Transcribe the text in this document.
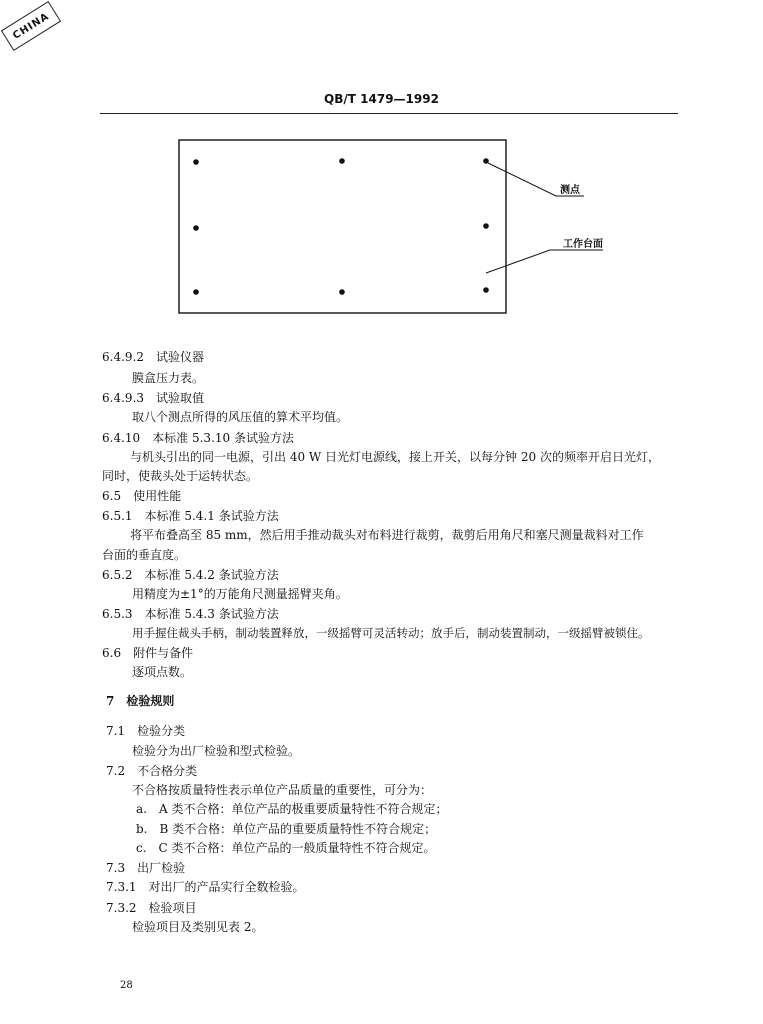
CHINA
QB/T 1479—1992
测点
工作台面
6.4.9.2　试验仪器
膜盒压力表。
6.4.9.3　试验取值
取八个测点所得的风压值的算术平均值。
6.4.10　本标准 5.3.10 条试验方法
与机头引出的同一电源，引出 40 W 日光灯电源线，接上开关，以每分钟 20 次的频率开启日光灯，
同时，使裁头处于运转状态。
6.5　使用性能
6.5.1　本标准 5.4.1 条试验方法
将平布叠高至 85 mm，然后用手推动裁头对布料进行裁剪，裁剪后用角尺和塞尺测量裁料对工作
台面的垂直度。
6.5.2　本标准 5.4.2 条试验方法
用精度为±1°的万能角尺测量摇臂夹角。
6.5.3　本标准 5.4.3 条试验方法
用手握住裁头手柄，制动装置释放，一级摇臂可灵活转动；放手后，制动装置制动，一级摇臂被锁住。
6.6　附件与备件
逐项点数。
7　检验规则
7.1　检验分类
检验分为出厂检验和型式检验。
7.2　不合格分类
不合格按质量特性表示单位产品质量的重要性，可分为：
a.　A 类不合格：单位产品的极重要质量特性不符合规定；
b.　B 类不合格：单位产品的重要质量特性不符合规定；
c.　C 类不合格：单位产品的一般质量特性不符合规定。
7.3　出厂检验
7.3.1　对出厂的产品实行全数检验。
7.3.2　检验项目
检验项目及类别见表 2。
28
